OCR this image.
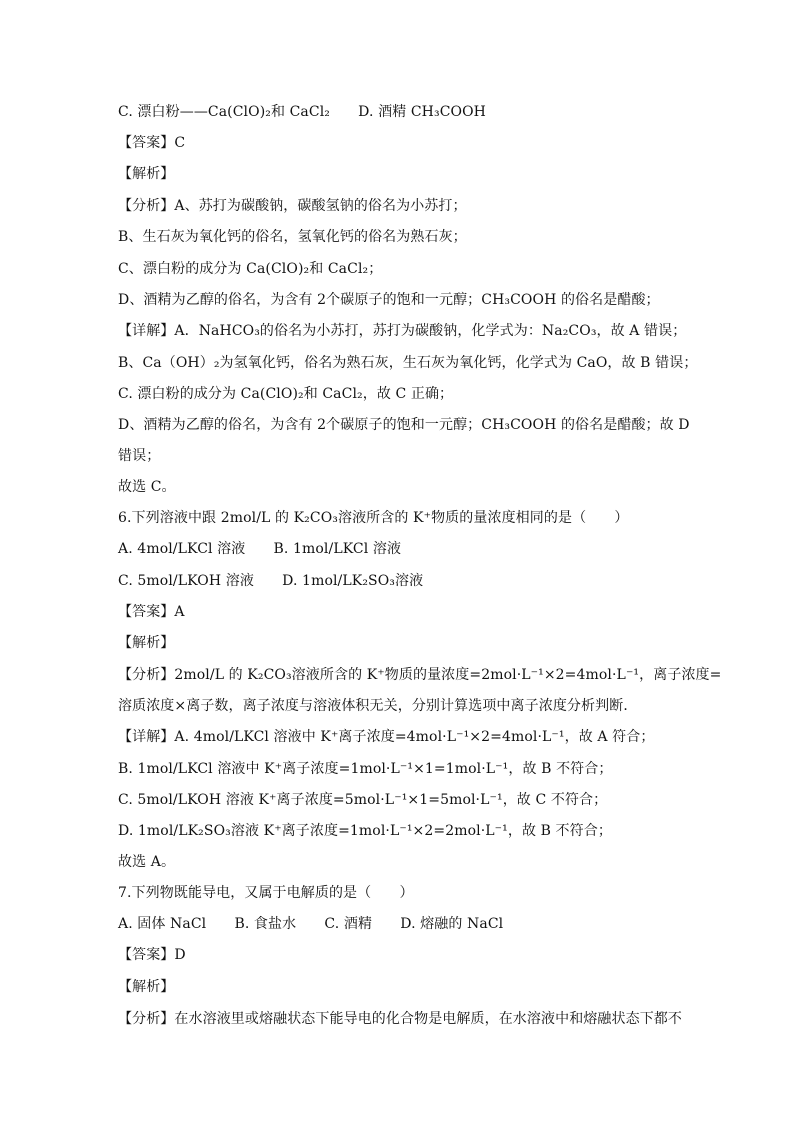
C. 漂白粉——Ca(ClO)₂和 CaCl₂　　D. 酒精 CH₃COOH
【答案】C
【解析】
【分析】A、苏打为碳酸钠，碳酸氢钠的俗名为小苏打；
B、生石灰为氧化钙的俗名，氢氧化钙的俗名为熟石灰；
C、漂白粉的成分为 Ca(ClO)₂和 CaCl₂；
D、酒精为乙醇的俗名，为含有 2个碳原子的饱和一元醇；CH₃COOH 的俗名是醋酸；
【详解】A．NaHCO₃的俗名为小苏打，苏打为碳酸钠，化学式为：Na₂CO₃，故 A 错误；
B、Ca（OH）₂为氢氧化钙，俗名为熟石灰，生石灰为氧化钙，化学式为 CaO，故 B 错误；
C. 漂白粉的成分为 Ca(ClO)₂和 CaCl₂，故 C 正确；
D、酒精为乙醇的俗名，为含有 2个碳原子的饱和一元醇；CH₃COOH 的俗名是醋酸；故 D
错误；
故选 C。
6.下列溶液中跟 2mol/L 的 K₂CO₃溶液所含的 K⁺物质的量浓度相同的是（　　）
A. 4mol/LKCl 溶液　　B. 1mol/LKCl 溶液
C. 5mol/LKOH 溶液　　D. 1mol/LK₂SO₃溶液
【答案】A
【解析】
【分析】2mol/L 的 K₂CO₃溶液所含的 K⁺物质的量浓度=2mol·L⁻¹×2=4mol·L⁻¹，离子浓度=
溶质浓度×离子数，离子浓度与溶液体积无关，分别计算选项中离子浓度分析判断．
【详解】A. 4mol/LKCl 溶液中 K⁺离子浓度=4mol·L⁻¹×2=4mol·L⁻¹，故 A 符合；
B. 1mol/LKCl 溶液中 K⁺离子浓度=1mol·L⁻¹×1=1mol·L⁻¹，故 B 不符合；
C. 5mol/LKOH 溶液 K⁺离子浓度=5mol·L⁻¹×1=5mol·L⁻¹，故 C 不符合；
D. 1mol/LK₂SO₃溶液 K⁺离子浓度=1mol·L⁻¹×2=2mol·L⁻¹，故 B 不符合；
故选 A。
7.下列物既能导电，又属于电解质的是（　　）
A. 固体 NaCl　　B. 食盐水　　C. 酒精　　D. 熔融的 NaCl
【答案】D
【解析】
【分析】在水溶液里或熔融状态下能导电的化合物是电解质，在水溶液中和熔融状态下都不
